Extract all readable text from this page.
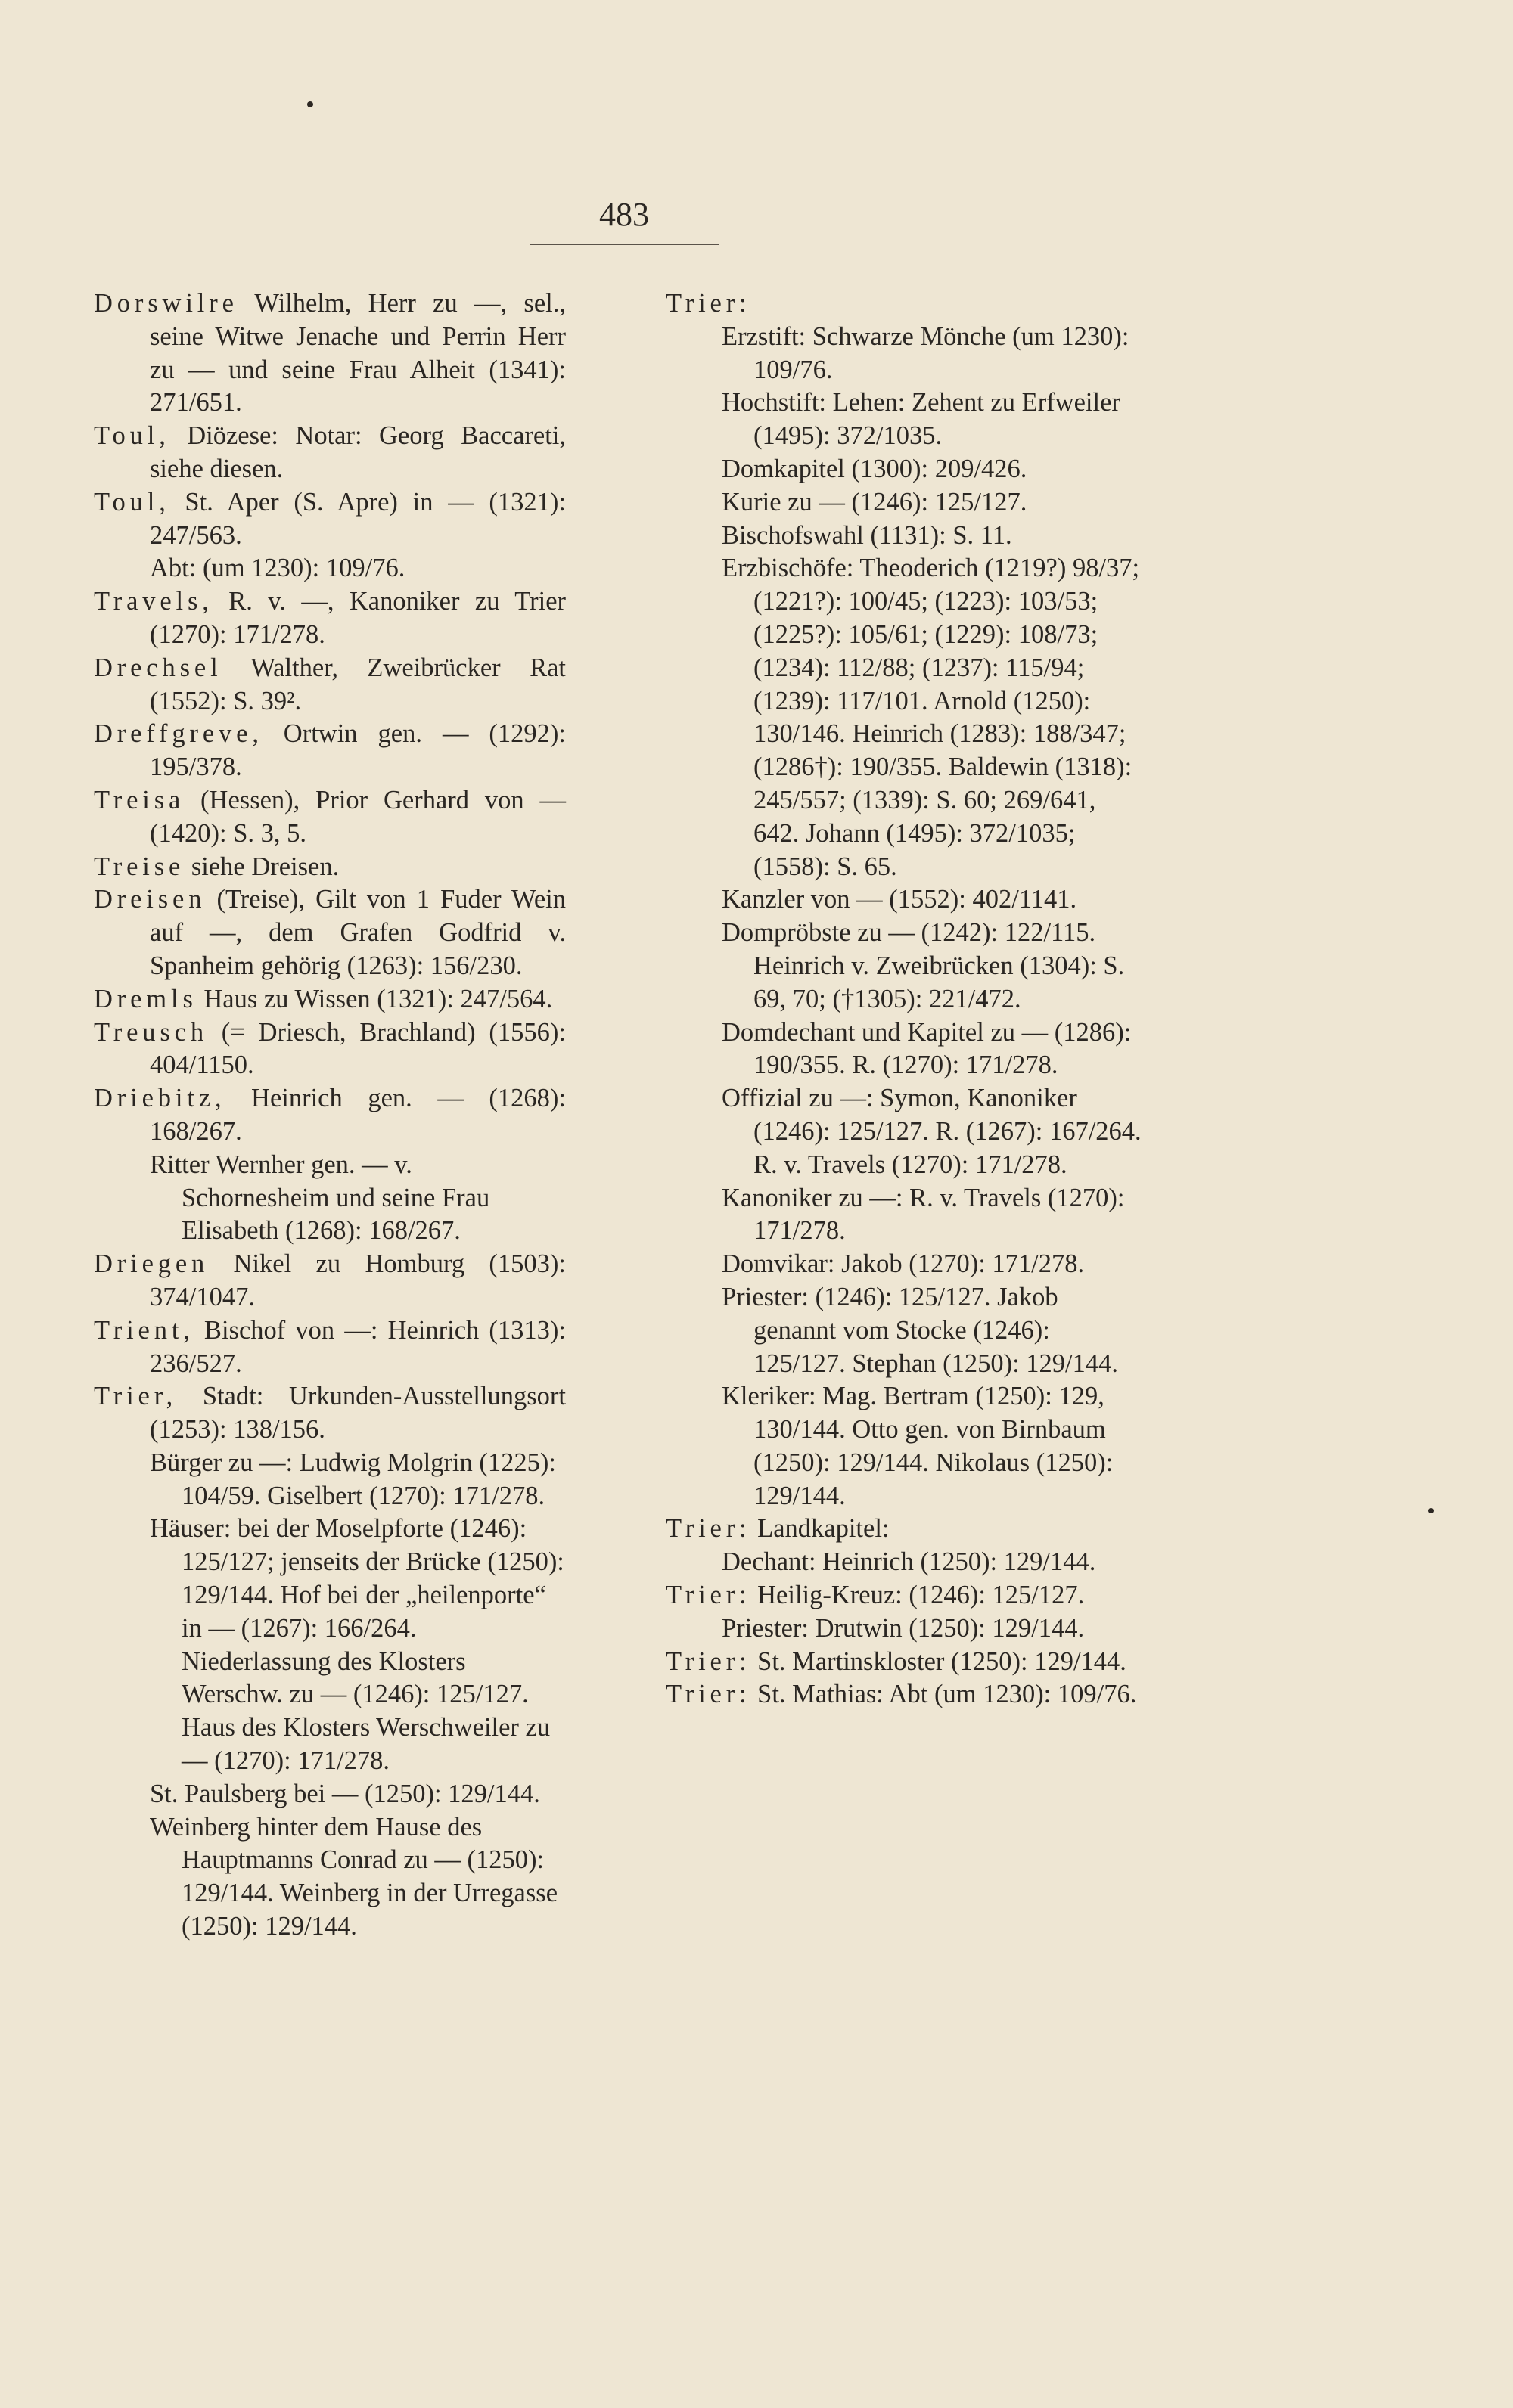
483
Dorswilre Wilhelm, Herr zu —, sel., seine Witwe Jenache und Perrin Herr zu — und seine Frau Alheit (1341): 271/651.
Toul, Diözese: Notar: Georg Baccareti, siehe diesen.
Toul, St. Aper (S. Apre) in — (1321): 247/563.
Abt: (um 1230): 109/76.
Travels, R. v. —, Kanoniker zu Trier (1270): 171/278.
Drechsel Walther, Zweibrücker Rat (1552): S. 39².
Dreffgreve, Ortwin gen. — (1292): 195/378.
Treisa (Hessen), Prior Gerhard von — (1420): S. 3, 5.
Treise siehe Dreisen.
Dreisen (Treise), Gilt von 1 Fuder Wein auf —, dem Grafen Godfrid v. Spanheim gehörig (1263): 156/230.
Dremls Haus zu Wissen (1321): 247/564.
Treusch (= Driesch, Brachland) (1556): 404/1150.
Driebitz, Heinrich gen. — (1268): 168/267.
Ritter Wernher gen. — v. Schornesheim und seine Frau Elisabeth (1268): 168/267.
Driegen Nikel zu Homburg (1503): 374/1047.
Trient, Bischof von —: Heinrich (1313): 236/527.
Trier, Stadt: Urkunden-Ausstellungsort (1253): 138/156.
Bürger zu —: Ludwig Molgrin (1225): 104/59. Giselbert (1270): 171/278.
Häuser: bei der Moselpforte (1246): 125/127; jenseits der Brücke (1250): 129/144. Hof bei der „heilenporte“ in — (1267): 166/264. Niederlassung des Klosters Werschw. zu — (1246): 125/127. Haus des Klosters Werschweiler zu — (1270): 171/278.
St. Paulsberg bei — (1250): 129/144.
Weinberg hinter dem Hause des Hauptmanns Conrad zu — (1250): 129/144. Weinberg in der Urregasse (1250): 129/144.
Trier:
Erzstift: Schwarze Mönche (um 1230): 109/76.
Hochstift: Lehen: Zehent zu Erfweiler (1495): 372/1035.
Domkapitel (1300): 209/426.
Kurie zu — (1246): 125/127.
Bischofswahl (1131): S. 11.
Erzbischöfe: Theoderich (1219?) 98/37; (1221?): 100/45; (1223): 103/53; (1225?): 105/61; (1229): 108/73; (1234): 112/88; (1237): 115/94; (1239): 117/101. Arnold (1250): 130/146. Heinrich (1283): 188/347; (1286†): 190/355. Baldewin (1318): 245/557; (1339): S. 60; 269/641, 642. Johann (1495): 372/1035; (1558): S. 65.
Kanzler von — (1552): 402/1141.
Dompröbste zu — (1242): 122/115. Heinrich v. Zweibrücken (1304): S. 69, 70; (†1305): 221/472.
Domdechant und Kapitel zu — (1286): 190/355. R. (1270): 171/278.
Offizial zu —: Symon, Kanoniker (1246): 125/127. R. (1267): 167/264. R. v. Travels (1270): 171/278.
Kanoniker zu —: R. v. Travels (1270): 171/278.
Domvikar: Jakob (1270): 171/278.
Priester: (1246): 125/127. Jakob genannt vom Stocke (1246): 125/127. Stephan (1250): 129/144.
Kleriker: Mag. Bertram (1250): 129, 130/144. Otto gen. von Birnbaum (1250): 129/144. Nikolaus (1250): 129/144.
Trier: Landkapitel:
Dechant: Heinrich (1250): 129/144.
Trier: Heilig-Kreuz: (1246): 125/127.
Priester: Drutwin (1250): 129/144.
Trier: St. Martinskloster (1250): 129/144.
Trier: St. Mathias: Abt (um 1230): 109/76.
